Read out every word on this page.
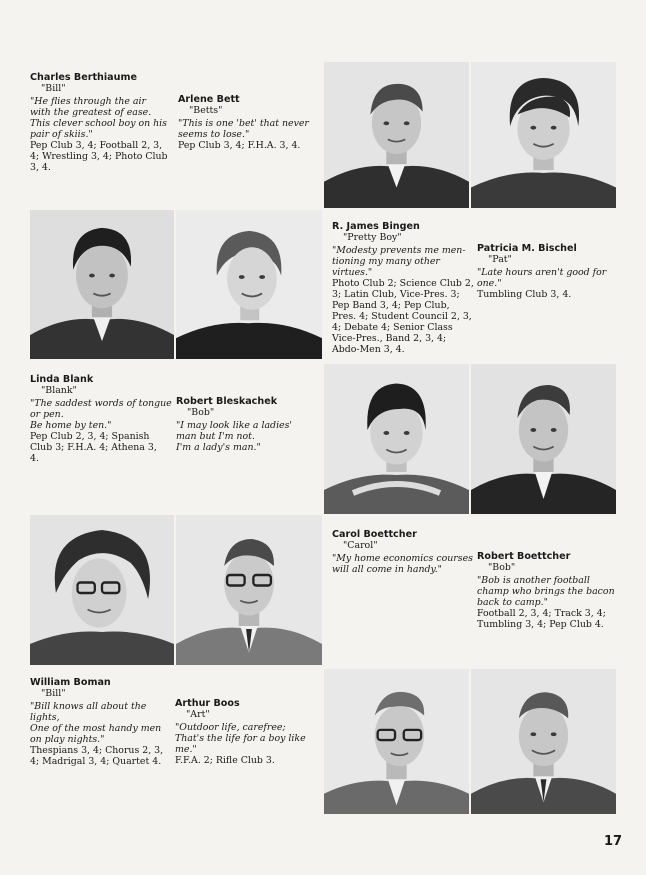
Charles Berthiaume
"Bill"
"He flies through the air
with the greatest of ease.
This clever school boy on his
pair of skiis."
Pep Club 3, 4; Football 2, 3,
4; Wrestling 3, 4; Photo Club
3, 4.
Arlene Bett
"Betts"
"This is one 'bet' that never
seems to lose."
Pep Club 3, 4; F.H.A. 3, 4.
R. James Bingen
"Pretty Boy"
"Modesty prevents me men-
tioning my many other
virtues."
Photo Club 2; Science Club 2,
3; Latin Club, Vice-Pres. 3;
Pep Band 3, 4; Pep Club,
Pres. 4; Student Council 2, 3,
4; Debate 4; Senior Class
Vice-Pres., Band 2, 3, 4;
Abdo-Men 3, 4.
Patricia M. Bischel
"Pat"
"Late hours aren't good for
one."
Tumbling Club 3, 4.
Linda Blank
"Blank"
"The saddest words of tongue
or pen.
Be home by ten."
Pep Club 2, 3, 4; Spanish
Club 3; F.H.A. 4; Athena 3,
4.
Robert Bleskachek
"Bob"
"I may look like a ladies'
man but I'm not.
I'm a lady's man."
Carol Boettcher
"Carol"
"My home economics courses
will all come in handy."
Robert Boettcher
"Bob"
"Bob is another football
champ who brings the bacon
back to camp."
Football 2, 3, 4; Track 3, 4;
Tumbling 3, 4; Pep Club 4.
William Boman
"Bill"
"Bill knows all about the
lights,
One of the most handy men
on play nights."
Thespians 3, 4; Chorus 2, 3,
4; Madrigal 3, 4; Quartet 4.
Arthur Boos
"Art"
"Outdoor life, carefree;
That's the life for a boy like
me."
F.F.A. 2; Rifle Club 3.
17
